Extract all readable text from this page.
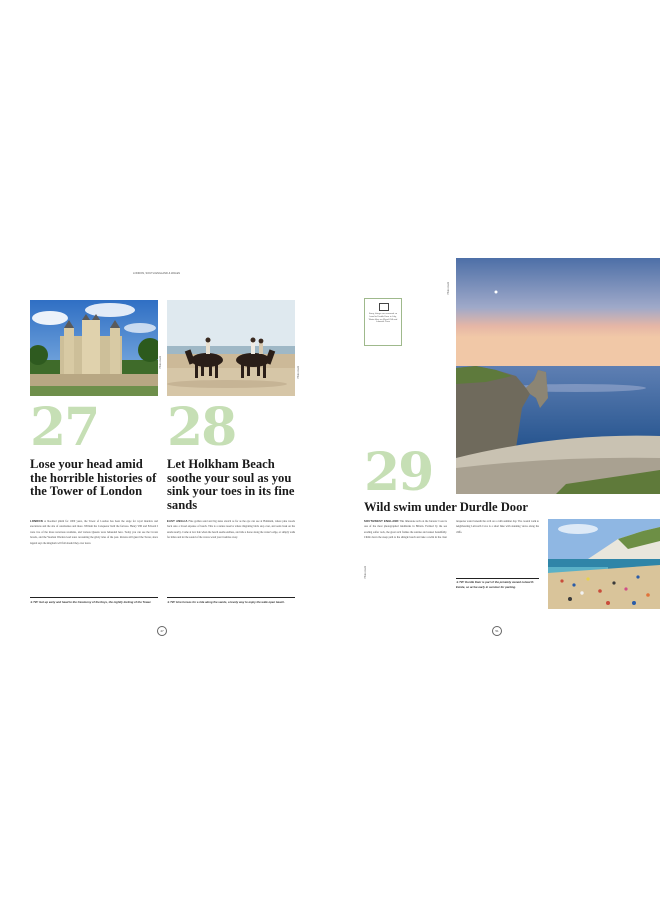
LONDON, SOUTH ENGLAND & WALES
Photo credit
Photo credit
27
Lose your head amid the horrible histories of the Tower of London
LONDON A bloodied plinth for 1000 years, the Tower of London has been the stage for royal murders and executions and the site of ceremonies and more. William the Conqueror built the fortress. Henry VIII and Edward I were two of the more notorious residents, and various Queens were beheaded here. Today you can see the Crown Jewels, and the Yeoman Warders lead tours recounting the grisly tales of the past. Ravens still guard the Tower, since legend says the kingdom will fall should they ever leave.
➔ TIP: Get up early and head to the Ceremony of the Keys, the nightly locking of the Tower.
28
Let Holkham Beach soothe your soul as you sink your toes in its fine sands
EAST ANGLIA Fine golden sand and big skies stretch as far as the eye can see at Holkham, where pine woods back onto a broad expanse of beach. This is a nature reserve where migrating birds stop over, and seals bask on the sands nearby. Come at low tide when the beach seems endless, and ride a horse along the water's edge, or simply walk for miles and let the sound of the waves wash your troubles away.
➔ TIP: Hire horses for a ride along the sands, a lovely way to enjoy the wide open beach.
47
Sorry, things are seasonal so head to Durdle Door in July, Water lilies on Wynd Cliff and Lulworth Cove
Photo credit
29
Wild swim under Durdle Door
SOUTHWEST ENGLAND This limestone arch on the Jurassic Coast is one of the most photographed landmarks in Britain. Formed by the sea eroding softer rock, the great arch frames the sunrise and sunset beautifully. Climb down the steep path to the shingle beach and take a swim in the clear turquoise water beneath the arch on a calm summer day. The coastal walk to neighbouring Lulworth Cove is a short hike with stunning views along the cliffs.
Photo credit
➔ TIP: Durdle Door is part of the privately owned Lulworth Estate, so arrive early in summer for parking.
51
